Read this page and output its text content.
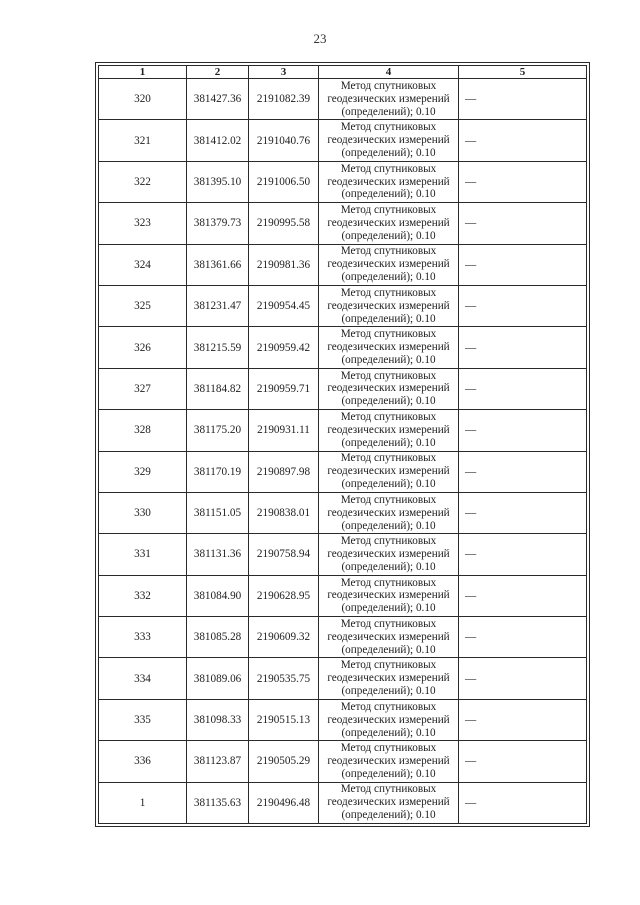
23
1	2	3	4	5
320	381427.36	2191082.39	Метод спутниковых
геодезических измерений
(определений); 0.10	—
321	381412.02	2191040.76	Метод спутниковых
геодезических измерений
(определений); 0.10	—
322	381395.10	2191006.50	Метод спутниковых
геодезических измерений
(определений); 0.10	—
323	381379.73	2190995.58	Метод спутниковых
геодезических измерений
(определений); 0.10	—
324	381361.66	2190981.36	Метод спутниковых
геодезических измерений
(определений); 0.10	—
325	381231.47	2190954.45	Метод спутниковых
геодезических измерений
(определений); 0.10	—
326	381215.59	2190959.42	Метод спутниковых
геодезических измерений
(определений); 0.10	—
327	381184.82	2190959.71	Метод спутниковых
геодезических измерений
(определений); 0.10	—
328	381175.20	2190931.11	Метод спутниковых
геодезических измерений
(определений); 0.10	—
329	381170.19	2190897.98	Метод спутниковых
геодезических измерений
(определений); 0.10	—
330	381151.05	2190838.01	Метод спутниковых
геодезических измерений
(определений); 0.10	—
331	381131.36	2190758.94	Метод спутниковых
геодезических измерений
(определений); 0.10	—
332	381084.90	2190628.95	Метод спутниковых
геодезических измерений
(определений); 0.10	—
333	381085.28	2190609.32	Метод спутниковых
геодезических измерений
(определений); 0.10	—
334	381089.06	2190535.75	Метод спутниковых
геодезических измерений
(определений); 0.10	—
335	381098.33	2190515.13	Метод спутниковых
геодезических измерений
(определений); 0.10	—
336	381123.87	2190505.29	Метод спутниковых
геодезических измерений
(определений); 0.10	—
1	381135.63	2190496.48	Метод спутниковых
геодезических измерений
(определений); 0.10	—
